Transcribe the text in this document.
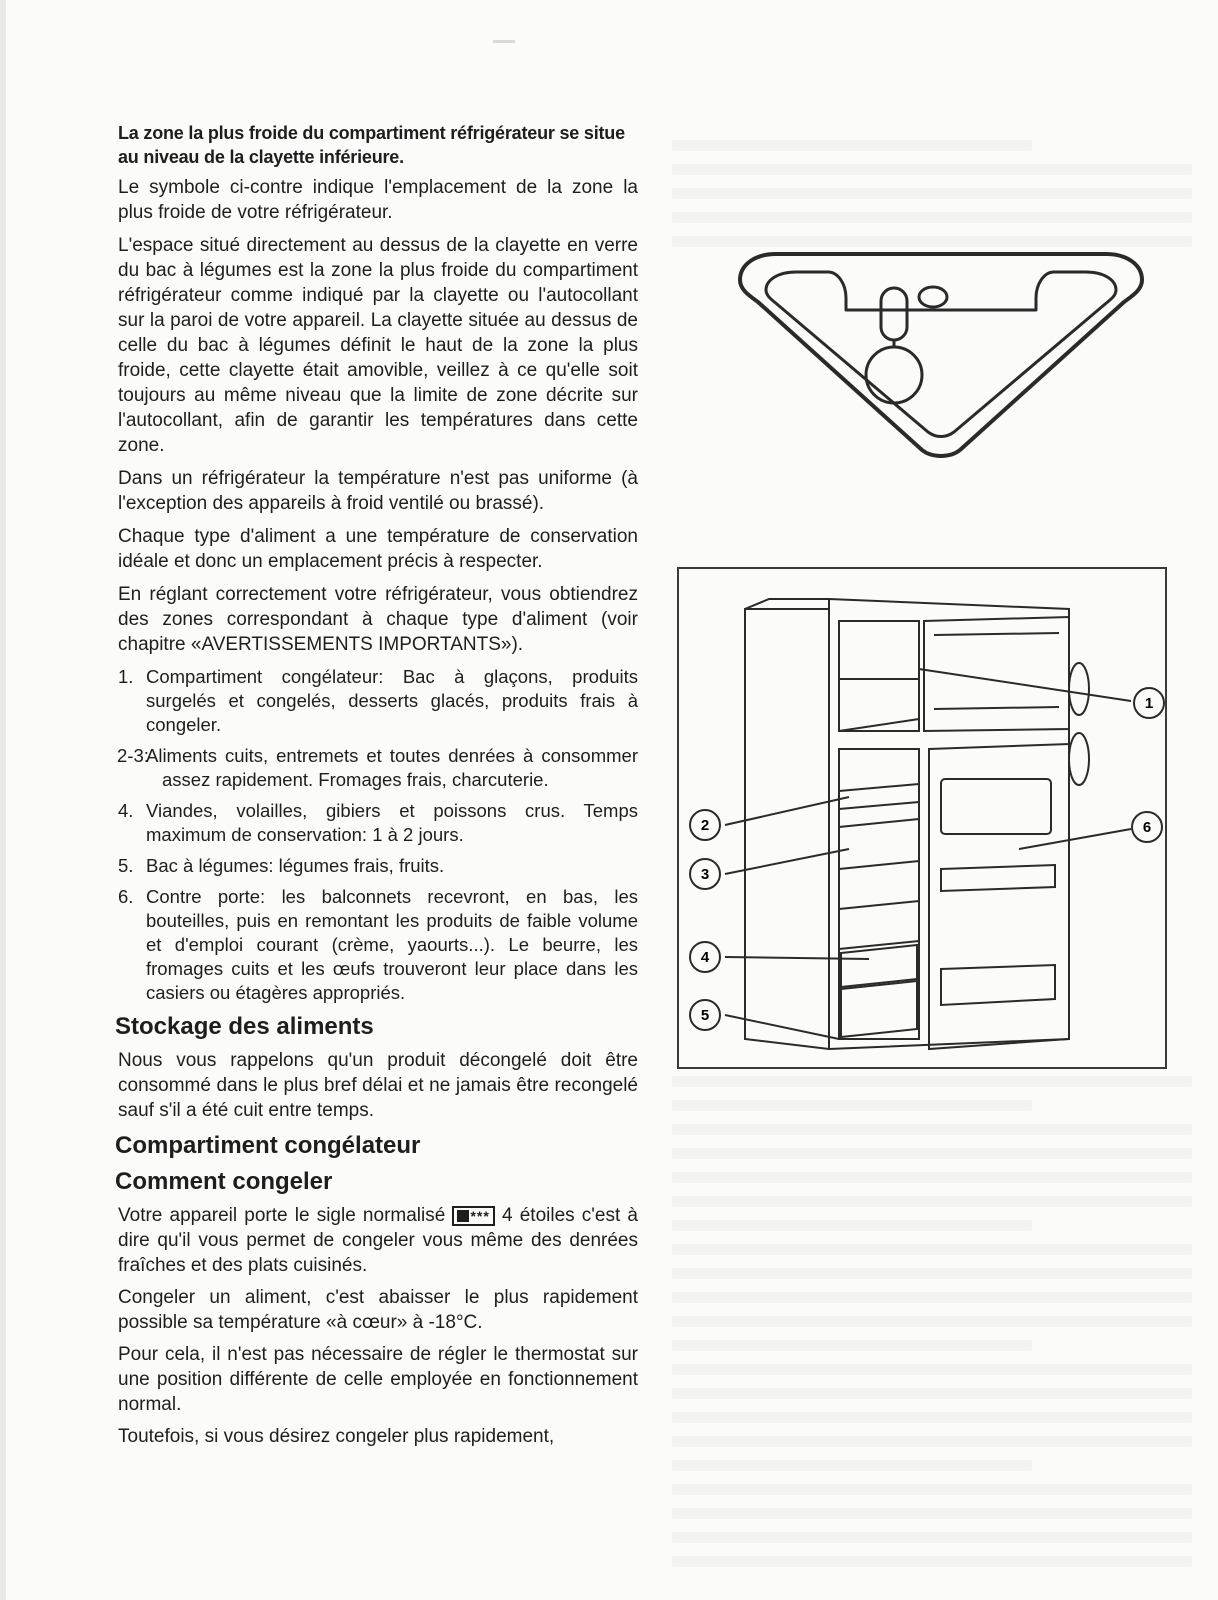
La zone la plus froide du compartiment réfrigérateur se situe au niveau de la clayette inférieure.

Le symbole ci-contre indique l'emplacement de la zone la plus froide de votre réfrigérateur.

L'espace situé directement au dessus de la clayette en verre du bac à légumes est la zone la plus froide du compartiment réfrigérateur comme indiqué par la clayette ou l'autocollant sur la paroi de votre appareil. La clayette située au dessus de celle du bac à légumes définit le haut de la zone la plus froide, cette clayette était amovible, veillez à ce qu'elle soit toujours au même niveau que la limite de zone décrite sur l'autocollant, afin de garantir les températures dans cette zone.

Dans un réfrigérateur la température n'est pas uniforme (à l'exception des appareils à froid ventilé ou brassé).

Chaque type d'aliment a une température de conservation idéale et donc un emplacement précis à respecter.

En réglant correctement votre réfrigérateur, vous obtiendrez des zones correspondant à chaque type d'aliment (voir chapitre «AVERTISSEMENTS IMPORTANTS»).

1. Compartiment congélateur: Bac à glaçons, produits surgelés et congelés, desserts glacés, produits frais à congeler.
2-3:
Aliments cuits, entremets et toutes denrées à consommer assez rapidement. Fromages frais, charcuterie.
4. Viandes, volailles, gibiers et poissons crus. Temps maximum de conservation: 1 à 2 jours.
5. Bac à légumes: légumes frais, fruits.
6. Contre porte: les balconnets recevront, en bas, les bouteilles, puis en remontant les produits de faible volume et d'emploi courant (crème, yaourts...). Le beurre, les fromages cuits et les œufs trouveront leur place dans les casiers ou étagères appropriés.
Stockage des aliments

Nous vous rappelons qu'un produit décongelé doit être consommé dans le plus bref délai et ne jamais être recongelé sauf s'il a été cuit entre temps.

Compartiment congélateur
Comment congeler

Votre appareil porte le sigle normalisé *** 4 étoiles c'est à dire qu'il vous permet de congeler vous même des denrées fraîches et des plats cuisinés.

Congeler un aliment, c'est abaisser le plus rapidement possible sa température «à cœur» à -18°C.

Pour cela, il n'est pas nécessaire de régler le thermostat sur une position différente de celle employée en fonctionnement normal.

Toutefois, si vous désirez congeler plus rapidement,

1
2
3
4
5
6
